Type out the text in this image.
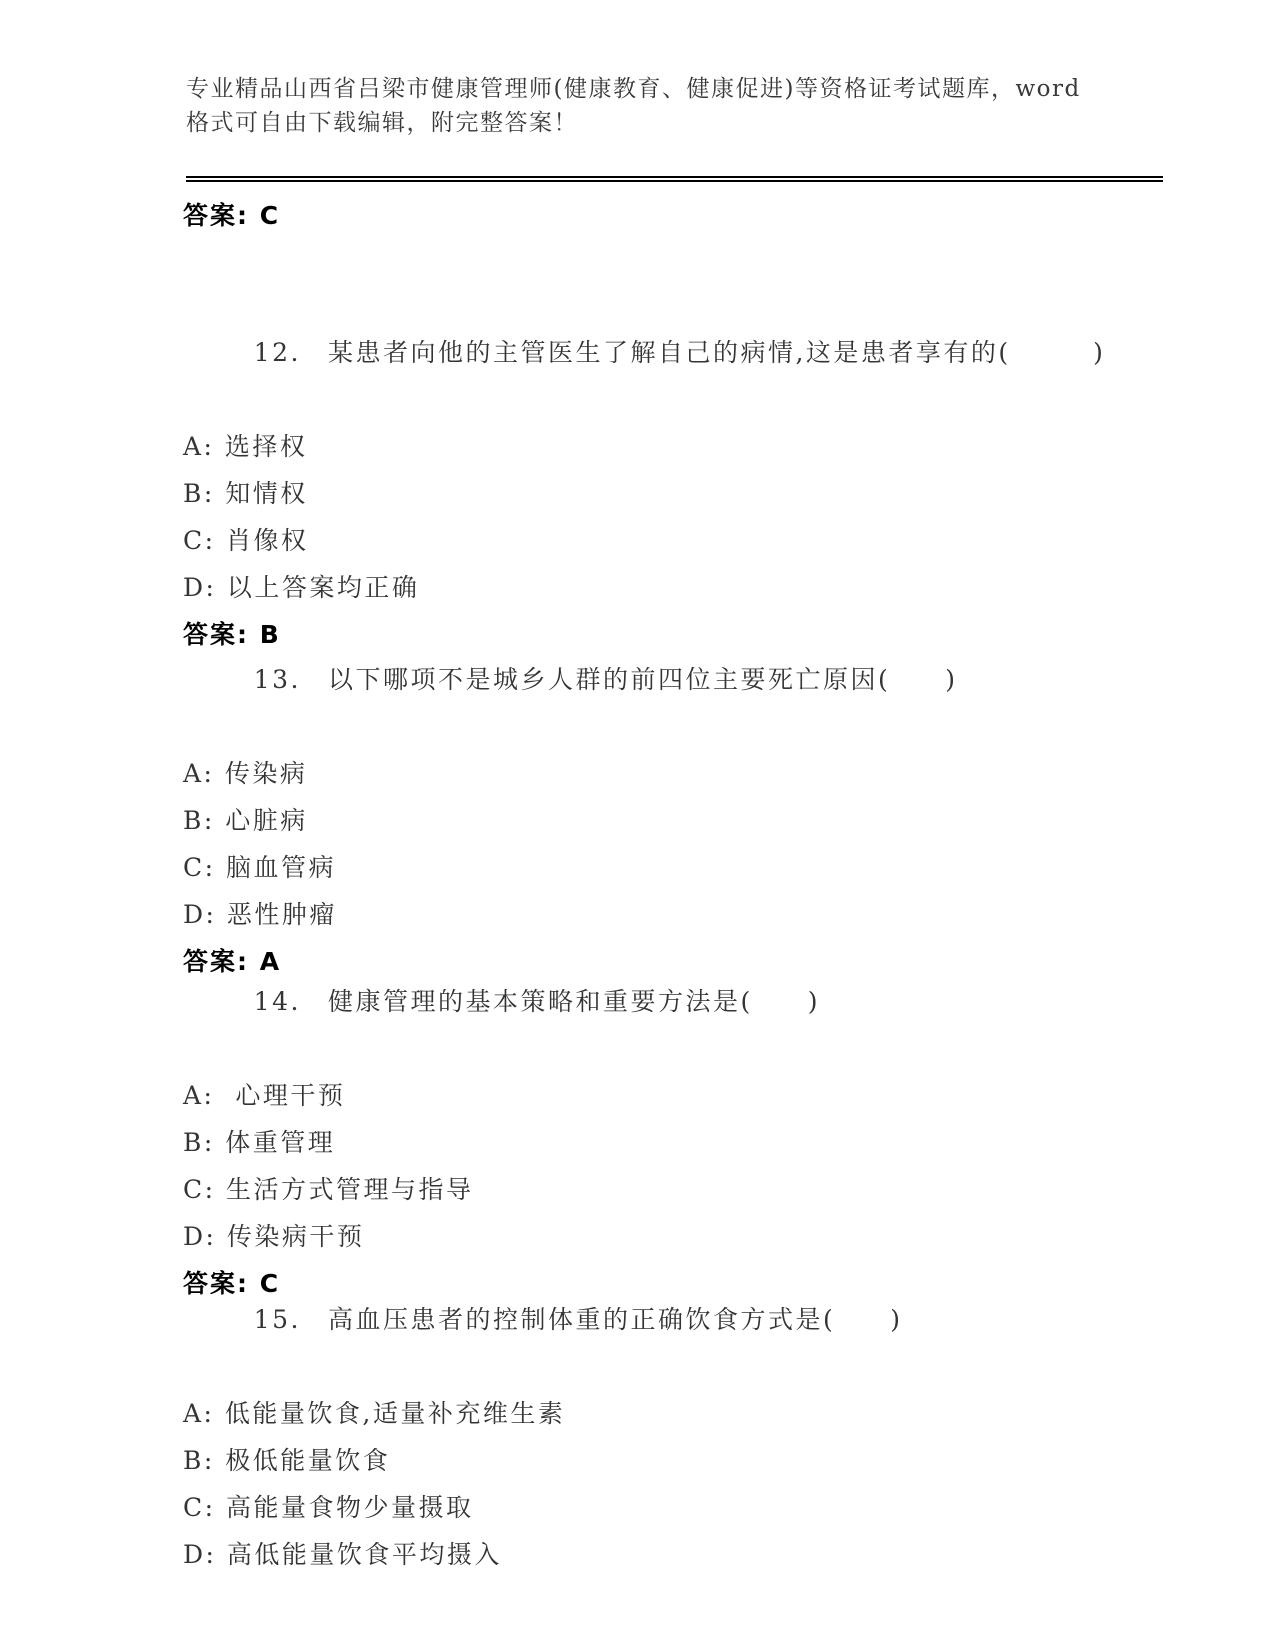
专业精品山西省吕梁市健康管理师(健康教育、健康促进)等资格证考试题库，word
格式可自由下载编辑，附完整答案！
答案: C

12. 某患者向他的主管医生了解自己的病情,这是患者享有的(　　　)

A: 选择权
B: 知情权
C: 肖像权
D: 以上答案均正确
答案: B

13. 以下哪项不是城乡人群的前四位主要死亡原因(　　)

A: 传染病
B: 心脏病
C: 脑血管病
D: 恶性肿瘤
答案: A

14. 健康管理的基本策略和重要方法是(　　)

A:  心理干预
B: 体重管理
C: 生活方式管理与指导
D: 传染病干预
答案: C

15. 高血压患者的控制体重的正确饮食方式是(　　)

A: 低能量饮食,适量补充维生素
B: 极低能量饮食
C: 高能量食物少量摄取
D: 高低能量饮食平均摄入
